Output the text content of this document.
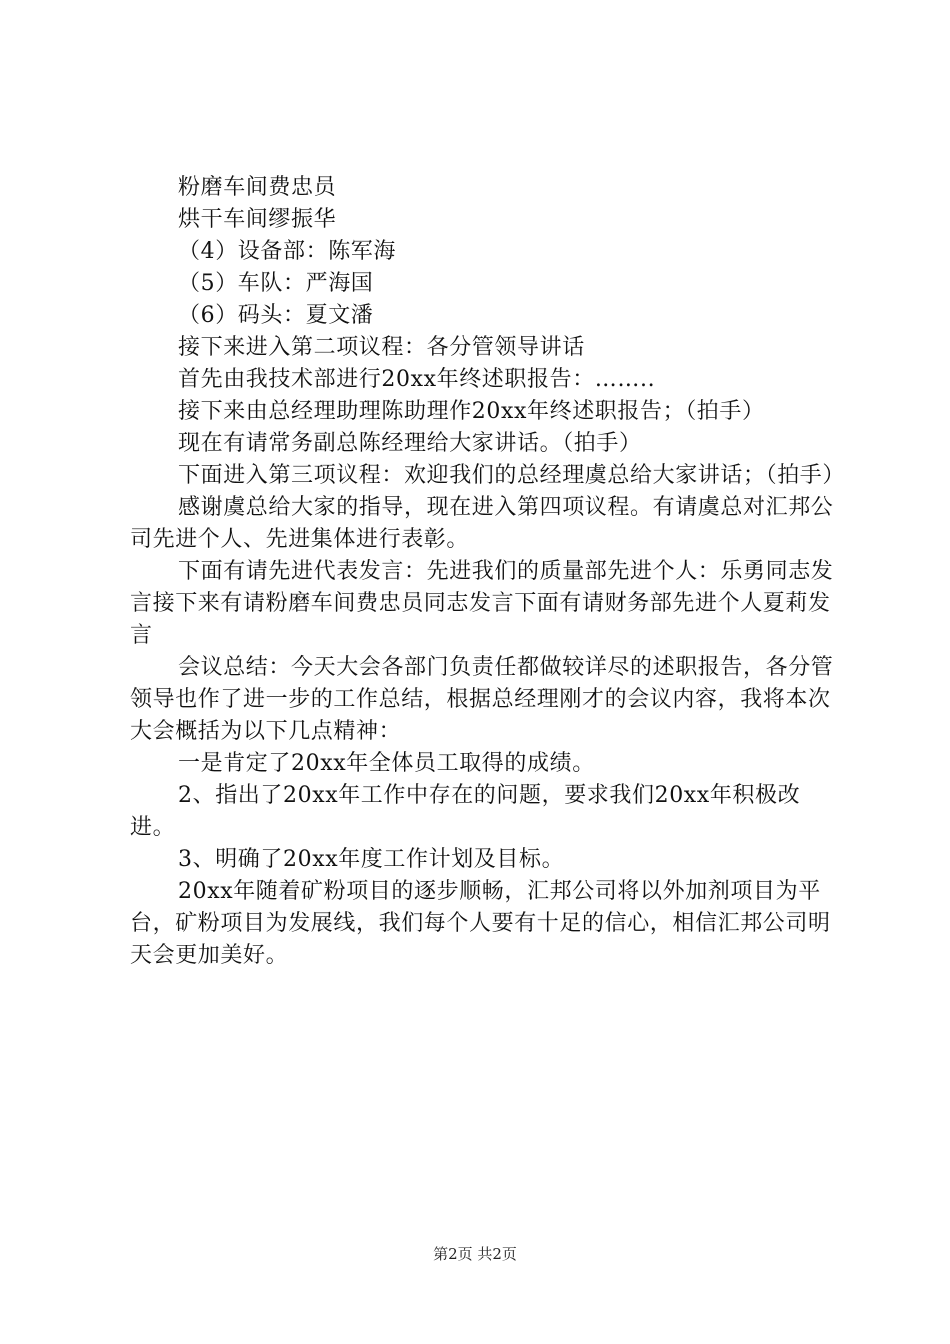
粉磨车间费忠员

烘干车间缪振华

（4）设备部：陈军海

（5）车队：严海国

（6）码头：夏文潘

接下来进入第二项议程：各分管领导讲话

首先由我技术部进行20xx年终述职报告：……..

接下来由总经理助理陈助理作20xx年终述职报告；（拍手）

现在有请常务副总陈经理给大家讲话。（拍手）

下面进入第三项议程：欢迎我们的总经理虞总给大家讲话；（拍手）

感谢虞总给大家的指导，现在进入第四项议程。有请虞总对汇邦公司先进个人、先进集体进行表彰。

下面有请先进代表发言：先进我们的质量部先进个人：乐勇同志发言接下来有请粉磨车间费忠员同志发言下面有请财务部先进个人夏莉发言

会议总结：今天大会各部门负责任都做较详尽的述职报告，各分管领导也作了进一步的工作总结，根据总经理刚才的会议内容，我将本次大会概括为以下几点精神：

一是肯定了20xx年全体员工取得的成绩。

2、指出了20xx年工作中存在的问题，要求我们20xx年积极改进。

3、明确了20xx年度工作计划及目标。

20xx年随着矿粉项目的逐步顺畅，汇邦公司将以外加剂项目为平台，矿粉项目为发展线，我们每个人要有十足的信心，相信汇邦公司明天会更加美好。

第2页 共2页
